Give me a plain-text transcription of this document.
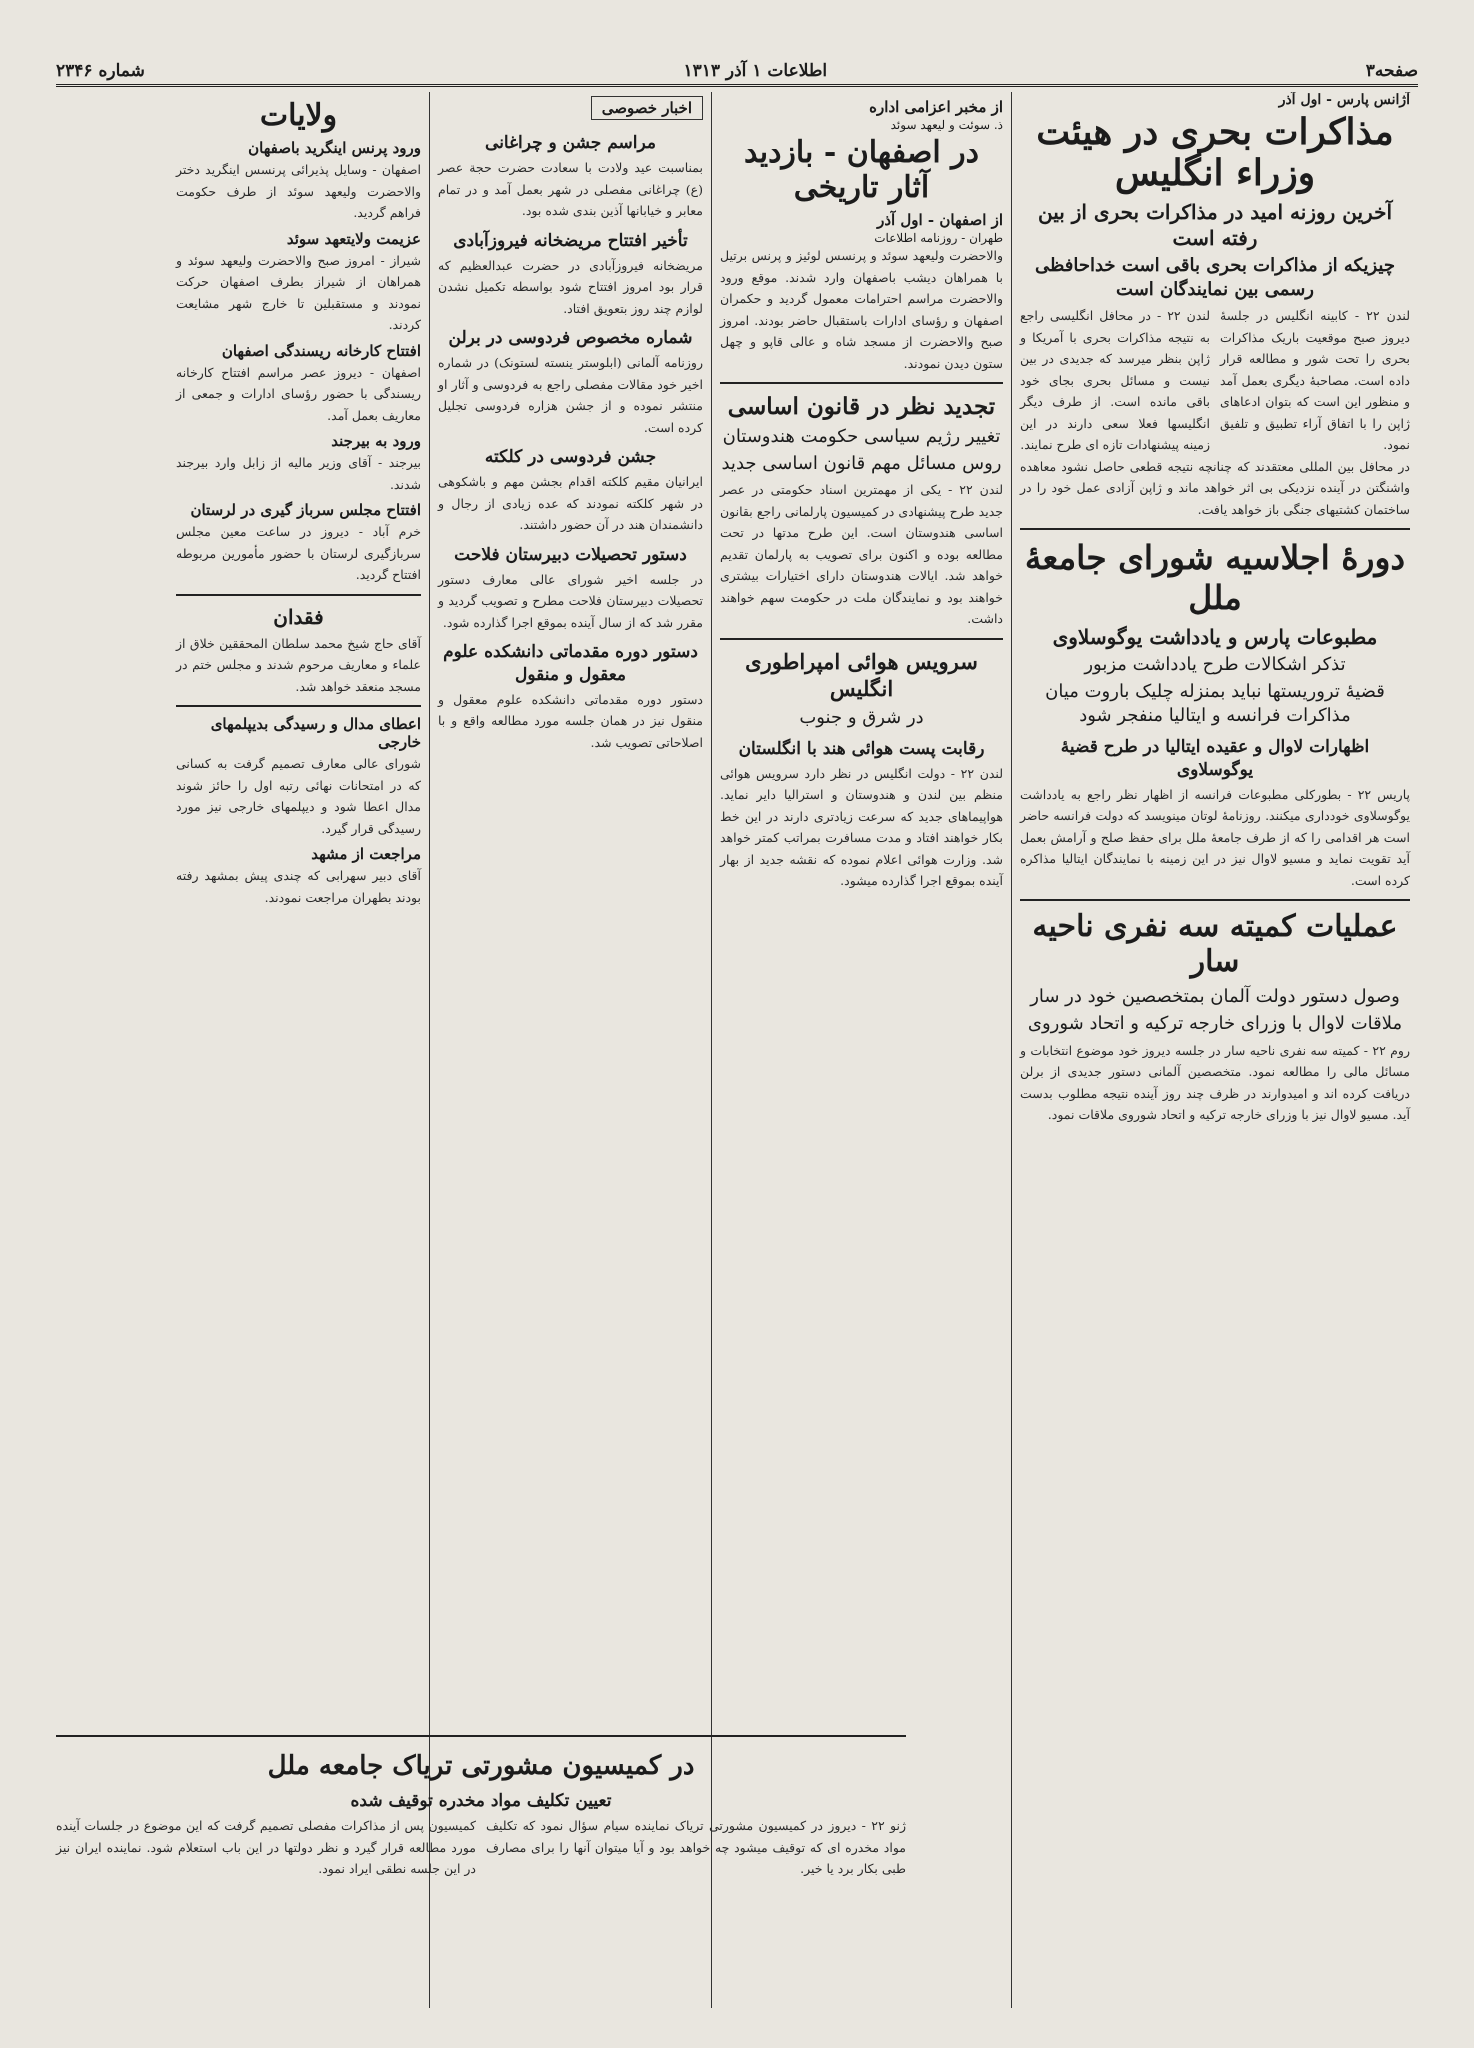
صفحه۳
اطلاعات ۱ آذر ۱۳۱۳
شماره ۲۳۴۶
آژانس پارس - اول آذر
مذاکرات بحری در هیئت وزراء انگلیس
آخرین روزنه امید در مذاکرات بحری از بین رفته است
چیزیکه از مذاکرات بحری باقی است خداحافظی رسمی بین نمایندگان است
لندن ۲۲ - کابینه انگلیس در جلسهٔ دیروز صبح موقعیت باریک مذاکرات بحری را تحت شور و مطالعه قرار داده است. مصاحبهٔ دیگری بعمل آمد و منظور این است که بتوان ادعاهای ژاپن را با اتفاق آراء تطبیق و تلفیق نمود.
لندن ۲۲ - در محافل انگلیسی راجع به نتیجه مذاکرات بحری با آمریکا و ژاپن بنظر میرسد که جدیدی در بین نیست و مسائل بحری بجای خود باقی مانده است. از طرف دیگر انگلیسها فعلا سعی دارند در این زمینه پیشنهادات تازه ای طرح نمایند.
در محافل بین المللی معتقدند که چنانچه نتیجه قطعی حاصل نشود معاهده واشنگتن در آینده نزدیکی بی اثر خواهد ماند و ژاپن آزادی عمل خود را در ساختمان کشتیهای جنگی باز خواهد یافت.
دورهٔ اجلاسیه شورای جامعهٔ ملل
مطبوعات پارس و یادداشت یوگوسلاوی
تذکر اشکالات طرح یادداشت مزبور
قضیهٔ تروریستها نباید بمنزله چلیک باروت میان مذاکرات فرانسه و ایتالیا منفجر شود
اظهارات لاوال و عقیده ایتالیا در طرح قضیهٔ یوگوسلاوی
پاریس ۲۲ - بطورکلی مطبوعات فرانسه از اظهار نظر راجع به یادداشت یوگوسلاوی خودداری میکنند. روزنامهٔ لوتان مینویسد که دولت فرانسه حاضر است هر اقدامی را که از طرف جامعهٔ ملل برای حفظ صلح و آرامش بعمل آید تقویت نماید و مسیو لاوال نیز در این زمینه با نمایندگان ایتالیا مذاکره کرده است.
عملیات کمیته سه نفری ناحیه سار
وصول دستور دولت آلمان بمتخصصین خود در سار
ملاقات لاوال با وزرای خارجه ترکیه و اتحاد شوروی
روم ۲۲ - کمیته سه نفری ناحیه سار در جلسه دیروز خود موضوع انتخابات و مسائل مالی را مطالعه نمود. متخصصین آلمانی دستور جدیدی از برلن دریافت کرده اند و امیدوارند در ظرف چند روز آینده نتیجه مطلوب بدست آید. مسیو لاوال نیز با وزرای خارجه ترکیه و اتحاد شوروی ملاقات نمود.
از مخبر اعزامی اداره
ذ. سوئت و لیعهد سوئد
در اصفهان - بازدید آثار تاریخی
از اصفهان - اول آذر
طهران - روزنامه اطلاعات
والاحضرت ولیعهد سوئد و پرنسس لوئیز و پرنس برتیل با همراهان دیشب باصفهان وارد شدند. موقع ورود والاحضرت مراسم احترامات معمول گردید و حکمران اصفهان و رؤسای ادارات باستقبال حاضر بودند. امروز صبح والاحضرت از مسجد شاه و عالی قاپو و چهل ستون دیدن نمودند.
تجدید نظر در قانون اساسی
تغییر رژیم سیاسی حکومت هندوستان
روس مسائل مهم قانون اساسی جدید
لندن ۲۲ - یکی از مهمترین اسناد حکومتی در عصر جدید طرح پیشنهادی در کمیسیون پارلمانی راجع بقانون اساسی هندوستان است. این طرح مدتها در تحت مطالعه بوده و اکنون برای تصویب به پارلمان تقدیم خواهد شد. ایالات هندوستان دارای اختیارات بیشتری خواهند بود و نمایندگان ملت در حکومت سهم خواهند داشت.
سرویس هوائی امپراطوری انگلیس
در شرق و جنوب
رقابت پست هوائی هند با انگلستان
لندن ۲۲ - دولت انگلیس در نظر دارد سرویس هوائی منظم بین لندن و هندوستان و استرالیا دایر نماید. هواپیماهای جدید که سرعت زیادتری دارند در این خط بکار خواهند افتاد و مدت مسافرت بمراتب کمتر خواهد شد. وزارت هوائی اعلام نموده که نقشه جدید از بهار آینده بموقع اجرا گذارده میشود.
اخبار خصوصی
مراسم جشن و چراغانی
بمناسبت عید ولادت با سعادت حضرت حجة عصر (ع) چراغانی مفصلی در شهر بعمل آمد و در تمام معابر و خیابانها آذین بندی شده بود.
تأخیر افتتاح مریضخانه فیروزآبادی
مریضخانه فیروزآبادی در حضرت عبدالعظیم که قرار بود امروز افتتاح شود بواسطه تکمیل نشدن لوازم چند روز بتعویق افتاد.
شماره مخصوص فردوسی در برلن
روزنامه آلمانی (ابلوستر ینسته لستونک) در شماره اخیر خود مقالات مفصلی راجع به فردوسی و آثار او منتشر نموده و از جشن هزاره فردوسی تجلیل کرده است.
جشن فردوسی در کلکته
ایرانیان مقیم کلکته اقدام بجشن مهم و باشکوهی در شهر کلکته نمودند که عده زیادی از رجال و دانشمندان هند در آن حضور داشتند.
دستور تحصیلات دبیرستان فلاحت
در جلسه اخیر شورای عالی معارف دستور تحصیلات دبیرستان فلاحت مطرح و تصویب گردید و مقرر شد که از سال آینده بموقع اجرا گذارده شود.
دستور دوره مقدماتی دانشکده علوم معقول و منقول
دستور دوره مقدماتی دانشکده علوم معقول و منقول نیز در همان جلسه مورد مطالعه واقع و با اصلاحاتی تصویب شد.
ولایات
ورود پرنس اینگرید باصفهان
اصفهان - وسایل پذیرائی پرنسس اینگرید دختر والاحضرت ولیعهد سوئد از طرف حکومت فراهم گردید.
عزیمت ولایتعهد سوئد
شیراز - امروز صبح والاحضرت ولیعهد سوئد و همراهان از شیراز بطرف اصفهان حرکت نمودند و مستقبلین تا خارج شهر مشایعت کردند.
افتتاح کارخانه ریسندگی اصفهان
اصفهان - دیروز عصر مراسم افتتاح کارخانه ریسندگی با حضور رؤسای ادارات و جمعی از معاریف بعمل آمد.
ورود به بیرجند
بیرجند - آقای وزیر مالیه از زابل وارد بیرجند شدند.
افتتاح مجلس سرباز گیری در لرستان
خرم آباد - دیروز در ساعت معین مجلس سربازگیری لرستان با حضور مأمورین مربوطه افتتاح گردید.
فقدان
آقای حاج شیخ محمد سلطان المحققین خلاق از علماء و معاریف مرحوم شدند و مجلس ختم در مسجد منعقد خواهد شد.
اعطای مدال و رسیدگی بدیپلمهای خارجی
شورای عالی معارف تصمیم گرفت به کسانی که در امتحانات نهائی رتبه اول را حائز شوند مدال اعطا شود و دیپلمهای خارجی نیز مورد رسیدگی قرار گیرد.
مراجعت از مشهد
آقای دبیر سهرابی که چندی پیش بمشهد رفته بودند بطهران مراجعت نمودند.
در کمیسیون مشورتی تریاک جامعه ملل
تعیین تکلیف مواد مخدره توقیف شده
ژنو ۲۲ - دیروز در کمیسیون مشورتی تریاک نماینده سیام سؤال نمود که تکلیف مواد مخدره ای که توقیف میشود چه خواهد بود و آیا میتوان آنها را برای مصارف طبی بکار برد یا خیر.
کمیسیون پس از مذاکرات مفصلی تصمیم گرفت که این موضوع در جلسات آینده مورد مطالعه قرار گیرد و نظر دولتها در این باب استعلام شود. نماینده ایران نیز در این جلسه نطقی ایراد نمود.
